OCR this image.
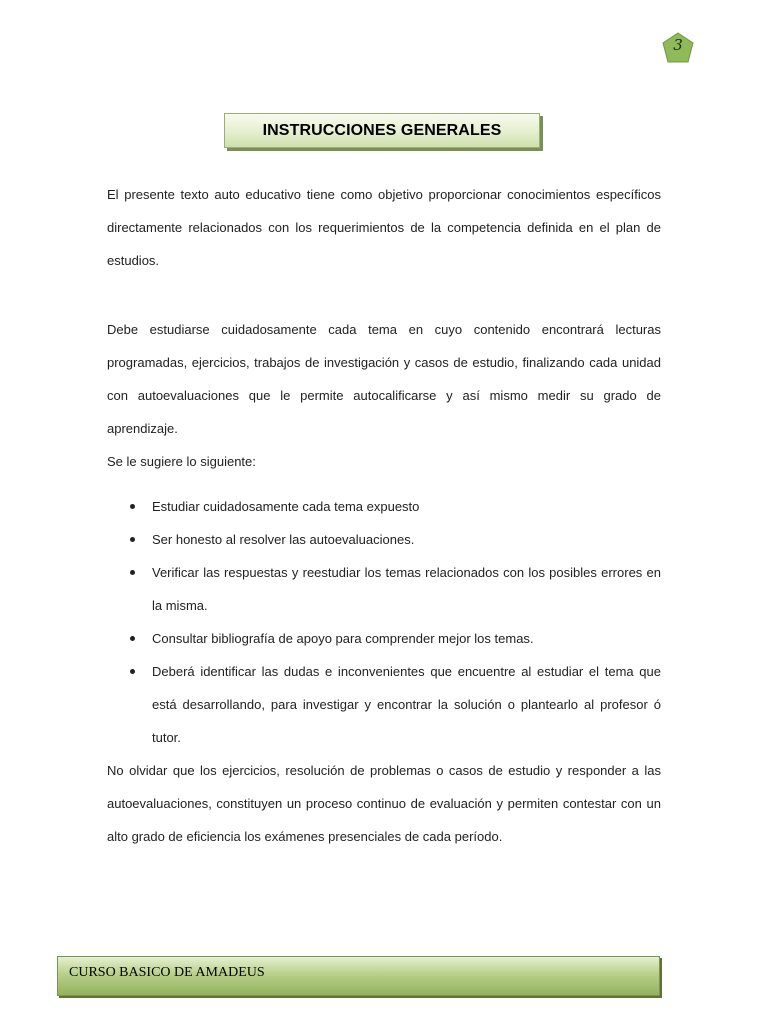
3
INSTRUCCIONES GENERALES

El presente texto auto educativo tiene como objetivo proporcionar conocimientos específicos directamente relacionados con los requerimientos de la competencia definida en el plan de estudios.

Debe estudiarse cuidadosamente cada tema en cuyo contenido encontrará lecturas programadas, ejercicios, trabajos de investigación y casos de estudio, finalizando cada unidad con autoevaluaciones que le permite autocalificarse y así mismo medir su grado de aprendizaje.

Se le sugiere lo siguiente:

Estudiar cuidadosamente cada tema expuesto
Ser honesto al resolver las autoevaluaciones.
Verificar las respuestas y reestudiar los temas relacionados con los posibles errores en la misma.
Consultar bibliografía de apoyo para comprender mejor los temas.
Deberá identificar las dudas e inconvenientes que encuentre al estudiar el tema que está desarrollando, para investigar y encontrar la solución o plantearlo al profesor ó tutor.

No olvidar que los ejercicios, resolución de problemas o casos de estudio y responder a las autoevaluaciones, constituyen un proceso continuo de evaluación y permiten contestar con un alto grado de eficiencia los exámenes presenciales de cada período.

CURSO BASICO DE AMADEUS
